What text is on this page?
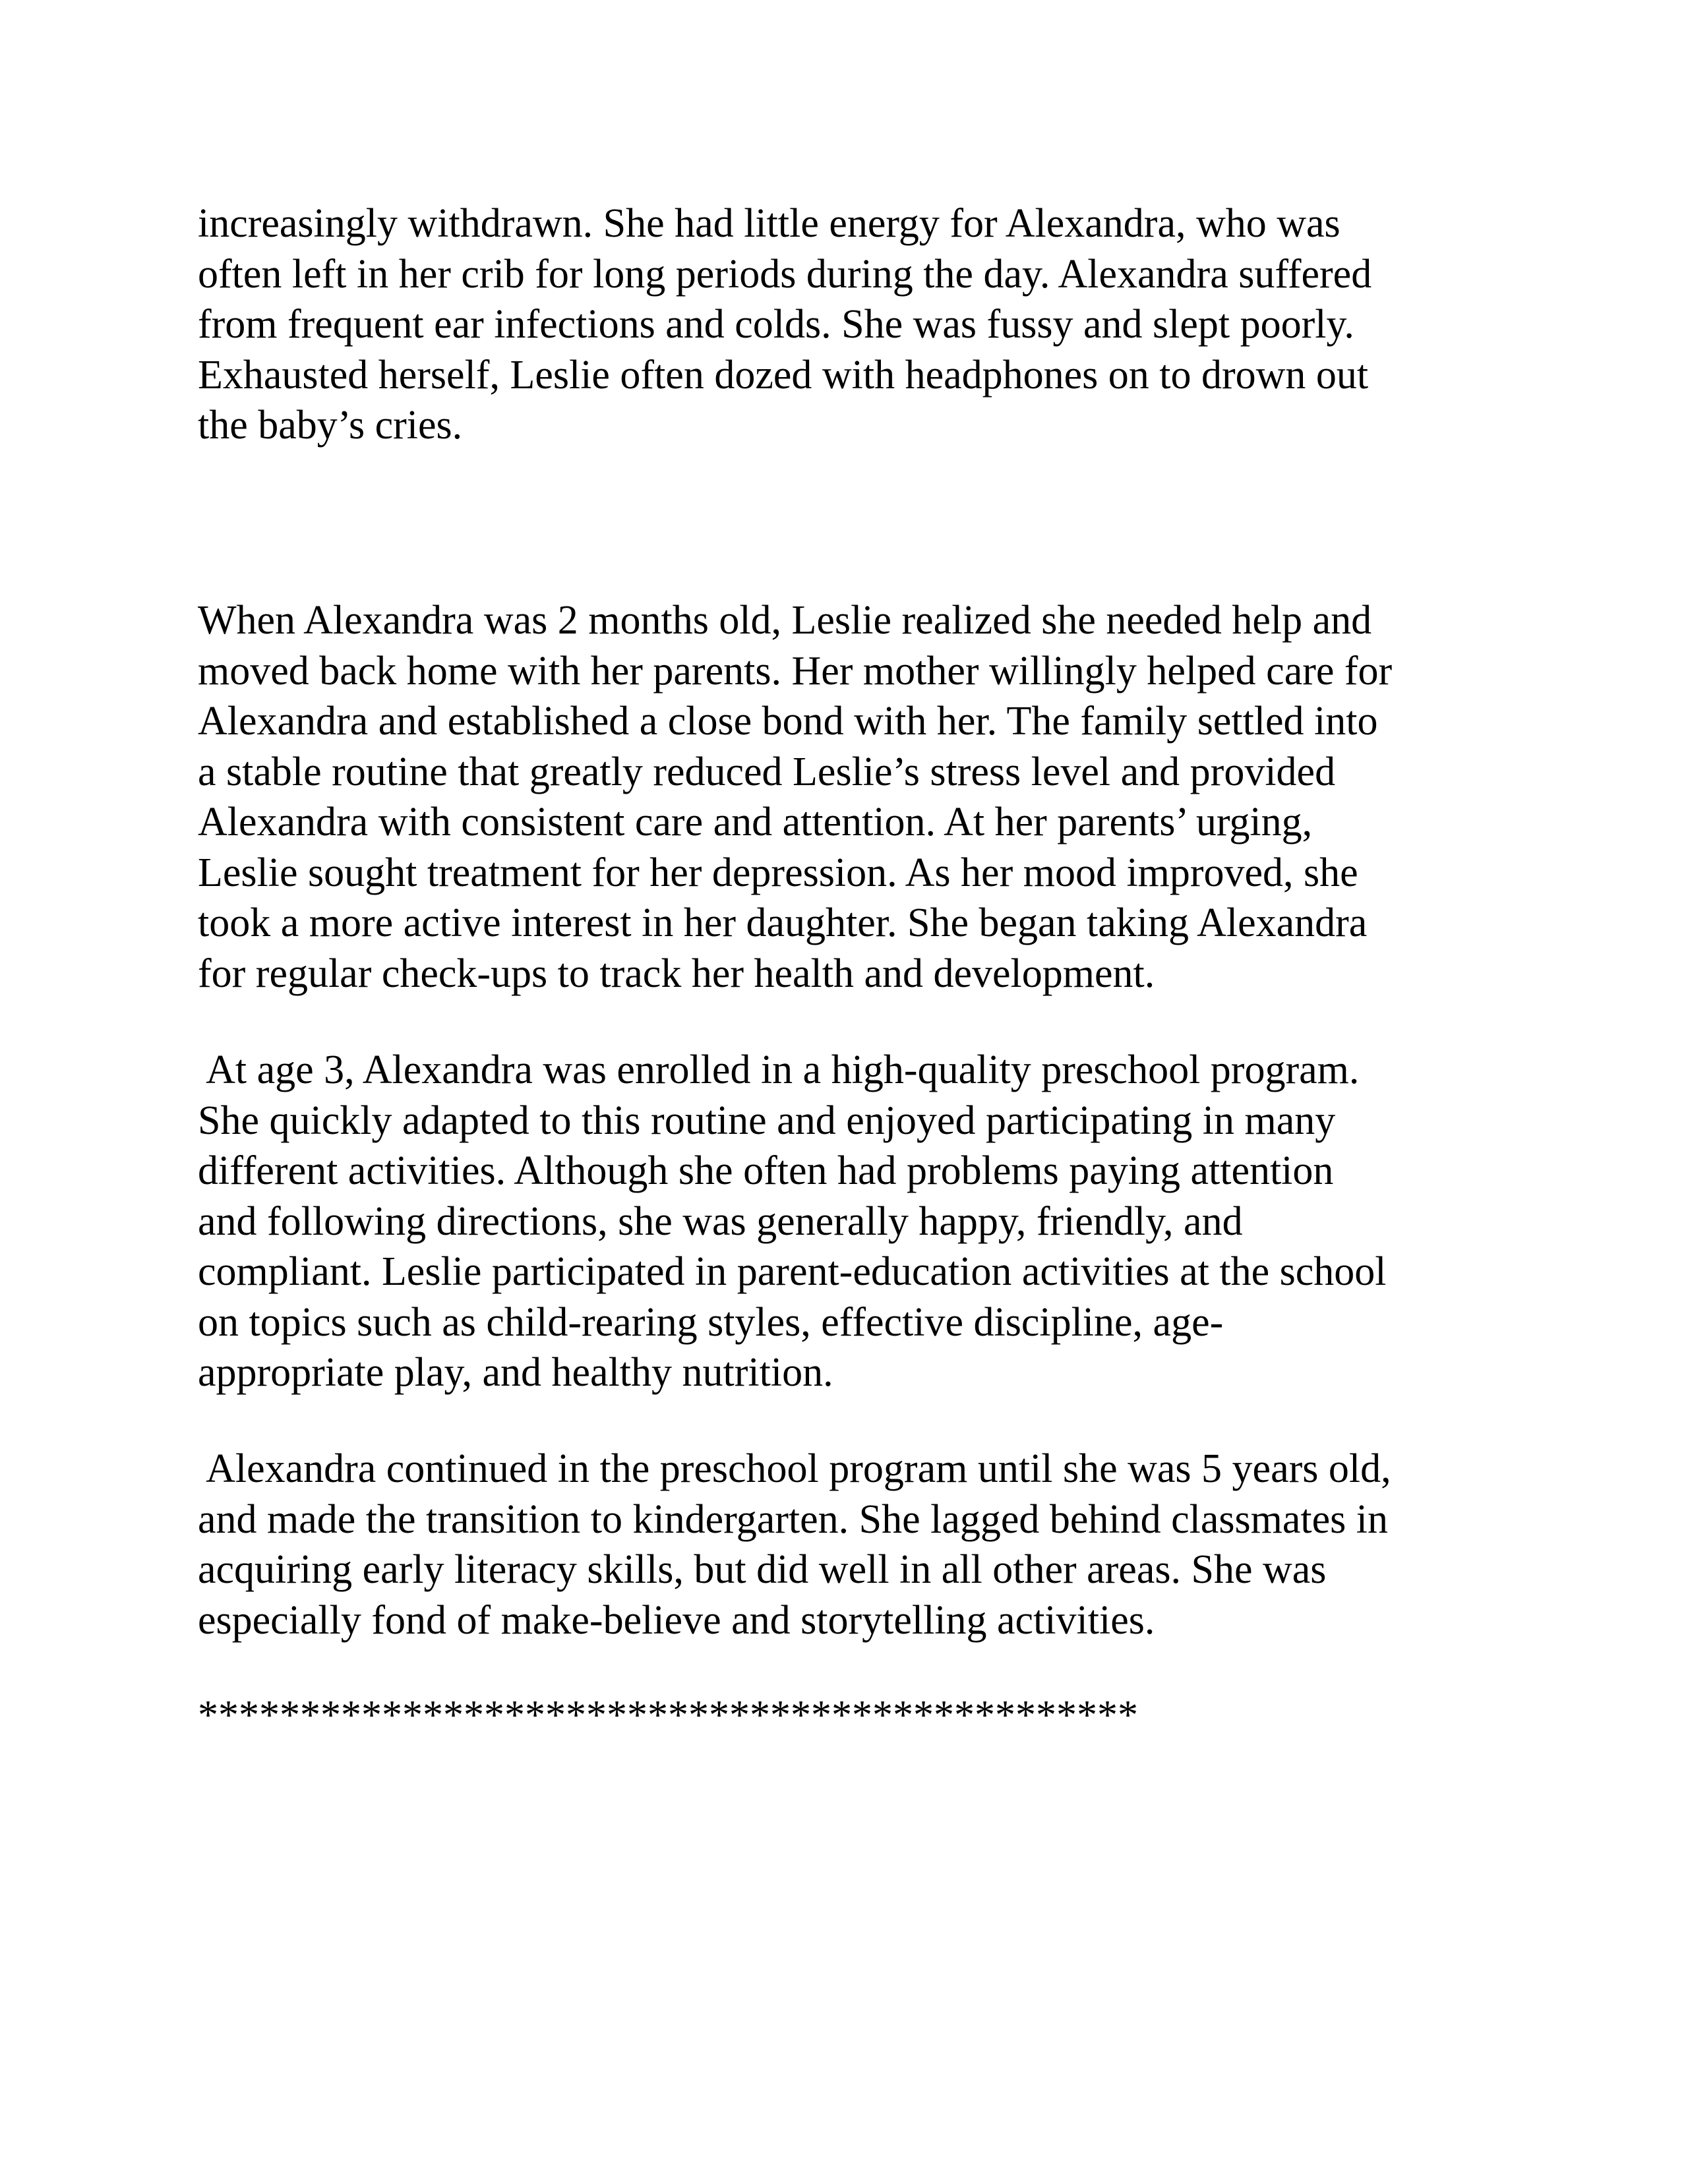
increasingly withdrawn. She had little energy for Alexandra, who was
often left in her crib for long periods during the day. Alexandra suffered
from frequent ear infections and colds. She was fussy and slept poorly.
Exhausted herself, Leslie often dozed with headphones on to drown out
the baby’s cries.

When Alexandra was 2 months old, Leslie realized she needed help and
moved back home with her parents. Her mother willingly helped care for
Alexandra and established a close bond with her. The family settled into
a stable routine that greatly reduced Leslie’s stress level and provided
Alexandra with consistent care and attention. At her parents’ urging,
Leslie sought treatment for her depression. As her mood improved, she
took a more active interest in her daughter. She began taking Alexandra
for regular check-ups to track her health and development.

At age 3, Alexandra was enrolled in a high-quality preschool program.
She quickly adapted to this routine and enjoyed participating in many
different activities. Although she often had problems paying attention
and following directions, she was generally happy, friendly, and
compliant. Leslie participated in parent-education activities at the school
on topics such as child-rearing styles, effective discipline, age-
appropriate play, and healthy nutrition.

Alexandra continued in the preschool program until she was 5 years old,
and made the transition to kindergarten. She lagged behind classmates in
acquiring early literacy skills, but did well in all other areas. She was
especially fond of make-believe and storytelling activities.

**********************************************
